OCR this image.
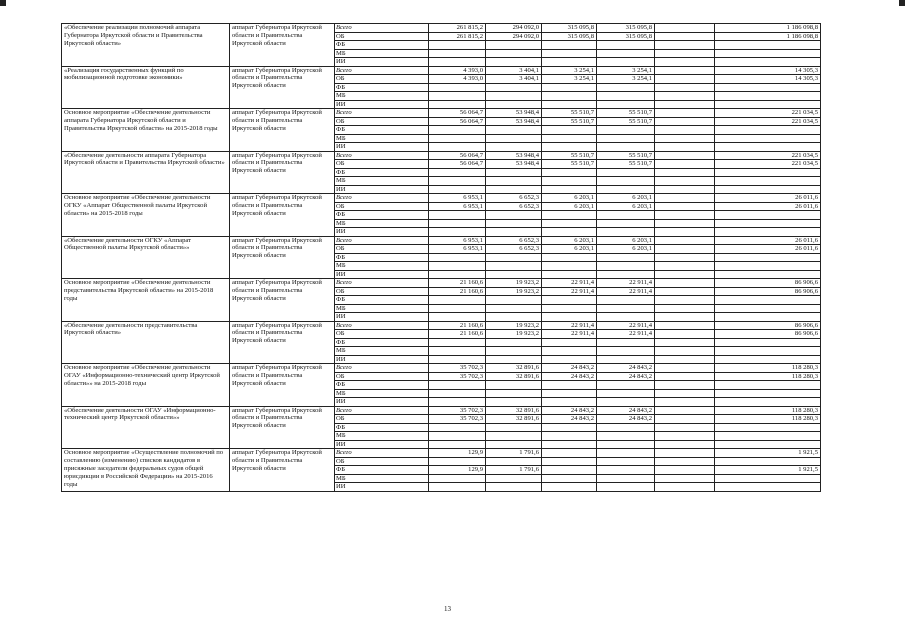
«Обеспечение реализации полномочий аппарата Губернатора Иркутской области и Правительства Иркутской области»	аппарат Губернатора Иркутской области и Правительства Иркутской области	Всего	261 815,2	294 092,0	315 095,8	315 095,8		1 186 098,8
		ОБ	261 815,2	294 092,0	315 095,8	315 095,8		1 186 098,8
		ФБ						
		МБ						
		ИИ						
«Реализация государственных функций по мобилизационной подготовке экономики»	аппарат Губернатора Иркутской области и Правительства Иркутской области	Всего	4 393,0	3 404,1	3 254,1	3 254,1		14 305,3
		ОБ	4 393,0	3 404,1	3 254,1	3 254,1		14 305,3
		ФБ						
		МБ						
		ИИ						
Основное мероприятие «Обеспечение деятельности аппарата Губернатора Иркутской области и Правительства Иркутской области» на 2015-2018 годы	аппарат Губернатора Иркутской области и Правительства Иркутской области	Всего	56 064,7	53 948,4	55 510,7	55 510,7		221 034,5
		ОБ	56 064,7	53 948,4	55 510,7	55 510,7		221 034,5
		ФБ						
		МБ						
		ИИ						
«Обеспечение деятельности аппарата Губернатора Иркутской области и Правительства Иркутской области»	аппарат Губернатора Иркутской области и Правительства Иркутской области	Всего	56 064,7	53 948,4	55 510,7	55 510,7		221 034,5
		ОБ	56 064,7	53 948,4	55 510,7	55 510,7		221 034,5
		ФБ						
		МБ						
		ИИ						
Основное мероприятие «Обеспечение деятельности ОГКУ «Аппарат Общественной палаты Иркутской области» на 2015-2018 годы	аппарат Губернатора Иркутской области и Правительства Иркутской области	Всего	6 953,1	6 652,3	6 203,1	6 203,1		26 011,6
		ОБ	6 953,1	6 652,3	6 203,1	6 203,1		26 011,6
		ФБ						
		МБ						
		ИИ						
«Обеспечение деятельности ОГКУ «Аппарат Общественной палаты Иркутской области»»	аппарат Губернатора Иркутской области и Правительства Иркутской области	Всего	6 953,1	6 652,3	6 203,1	6 203,1		26 011,6
		ОБ	6 953,1	6 652,3	6 203,1	6 203,1		26 011,6
		ФБ						
		МБ						
		ИИ						
Основное мероприятие «Обеспечение деятельности представительства Иркутской области» на 2015-2018 годы	аппарат Губернатора Иркутской области и Правительства Иркутской области	Всего	21 160,6	19 923,2	22 911,4	22 911,4		86 906,6
		ОБ	21 160,6	19 923,2	22 911,4	22 911,4		86 906,6
		ФБ						
		МБ						
		ИИ						
«Обеспечение деятельности представительства Иркутской области»	аппарат Губернатора Иркутской области и Правительства Иркутской области	Всего	21 160,6	19 923,2	22 911,4	22 911,4		86 906,6
		ОБ	21 160,6	19 923,2	22 911,4	22 911,4		86 906,6
		ФБ						
		МБ						
		ИИ						
Основное мероприятие «Обеспечение деятельности ОГАУ «Информационно-технический центр Иркутской области»» на 2015-2018 годы	аппарат Губернатора Иркутской области и Правительства Иркутской области	Всего	35 702,3	32 891,6	24 843,2	24 843,2		118 280,3
		ОБ	35 702,3	32 891,6	24 843,2	24 843,2		118 280,3
		ФБ						
		МБ						
		ИИ						
«Обеспечение деятельности ОГАУ «Информационно-технический центр Иркутской области»»	аппарат Губернатора Иркутской области и Правительства Иркутской области	Всего	35 702,3	32 891,6	24 843,2	24 843,2		118 280,3
		ОБ	35 702,3	32 891,6	24 843,2	24 843,2		118 280,3
		ФБ						
		МБ						
		ИИ						
Основное мероприятие «Осуществление полномочий по составлению (изменению) списков кандидатов в присяжные заседатели федеральных судов общей юрисдикции в Российской Федерации» на 2015-2016 годы	аппарат Губернатора Иркутской области и Правительства Иркутской области	Всего	129,9	1 791,6				1 921,5
		ОБ						
		ФБ	129,9	1 791,6				1 921,5
		МБ						
		ИИ						
13
